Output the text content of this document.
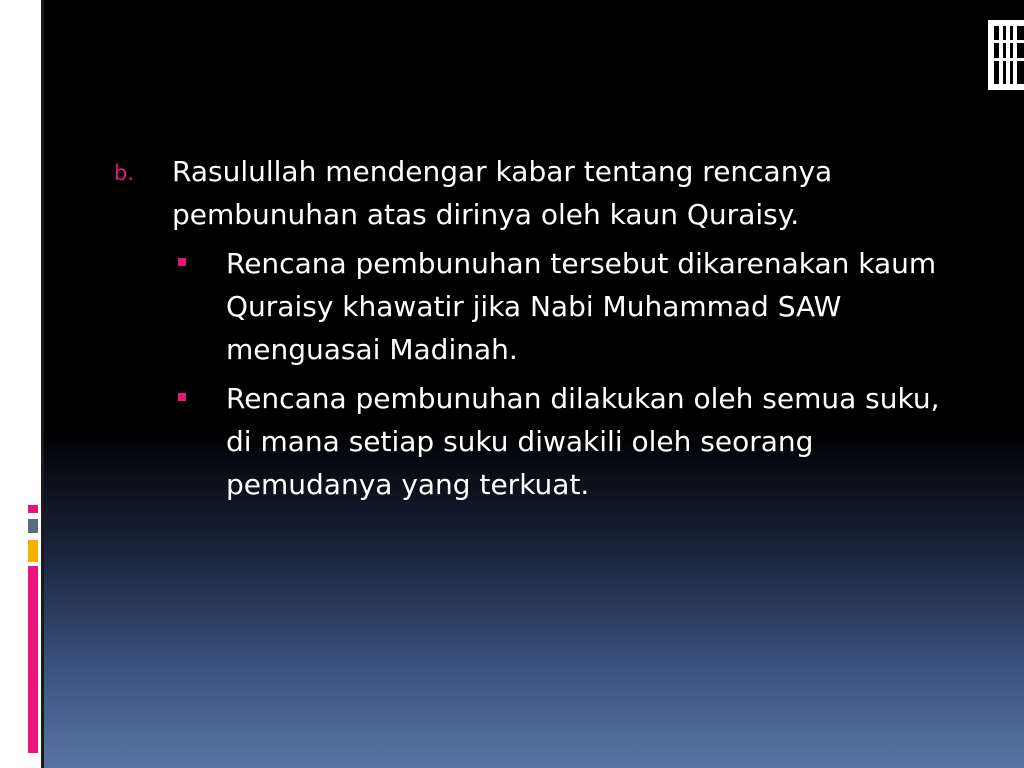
b. Rasulullah mendengar kabar tentang rencanya pembunuhan atas dirinya oleh kaun Quraisy.
Rencana pembunuhan tersebut dikarenakan kaum Quraisy khawatir jika Nabi Muhammad SAW menguasai Madinah.
Rencana pembunuhan dilakukan oleh semua suku, di mana setiap suku diwakili oleh seorang pemudanya yang terkuat.
